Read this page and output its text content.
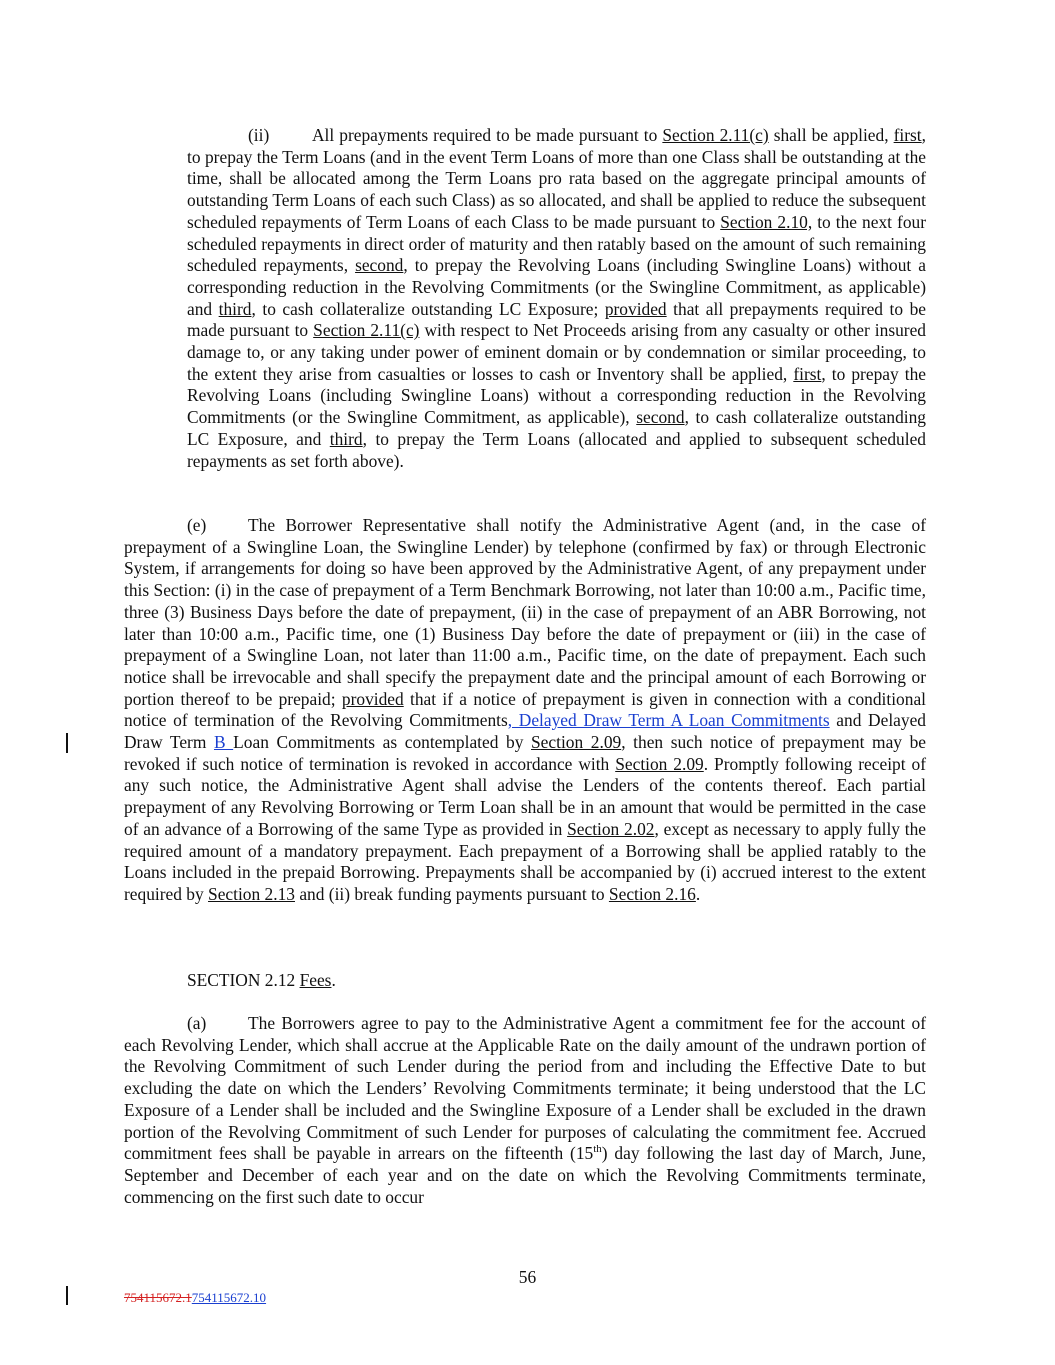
(ii) All prepayments required to be made pursuant to Section 2.11(c) shall be applied, first, to prepay the Term Loans (and in the event Term Loans of more than one Class shall be outstanding at the time, shall be allocated among the Term Loans pro rata based on the aggregate principal amounts of outstanding Term Loans of each such Class) as so allocated, and shall be applied to reduce the subsequent scheduled repayments of Term Loans of each Class to be made pursuant to Section 2.10, to the next four scheduled repayments in direct order of maturity and then ratably based on the amount of such remaining scheduled repayments, second, to prepay the Revolving Loans (including Swingline Loans) without a corresponding reduction in the Revolving Commitments (or the Swingline Commitment, as applicable) and third, to cash collateralize outstanding LC Exposure; provided that all prepayments required to be made pursuant to Section 2.11(c) with respect to Net Proceeds arising from any casualty or other insured damage to, or any taking under power of eminent domain or by condemnation or similar proceeding, to the extent they arise from casualties or losses to cash or Inventory shall be applied, first, to prepay the Revolving Loans (including Swingline Loans) without a corresponding reduction in the Revolving Commitments (or the Swingline Commitment, as applicable), second, to cash collateralize outstanding LC Exposure, and third, to prepay the Term Loans (allocated and applied to subsequent scheduled repayments as set forth above).
(e) The Borrower Representative shall notify the Administrative Agent (and, in the case of prepayment of a Swingline Loan, the Swingline Lender) by telephone (confirmed by fax) or through Electronic System, if arrangements for doing so have been approved by the Administrative Agent, of any prepayment under this Section: (i) in the case of prepayment of a Term Benchmark Borrowing, not later than 10:00 a.m., Pacific time, three (3) Business Days before the date of prepayment, (ii) in the case of prepayment of an ABR Borrowing, not later than 10:00 a.m., Pacific time, one (1) Business Day before the date of prepayment or (iii) in the case of prepayment of a Swingline Loan, not later than 11:00 a.m., Pacific time, on the date of prepayment. Each such notice shall be irrevocable and shall specify the prepayment date and the principal amount of each Borrowing or portion thereof to be prepaid; provided that if a notice of prepayment is given in connection with a conditional notice of termination of the Revolving Commitments, Delayed Draw Term A Loan Commitments and Delayed Draw Term B Loan Commitments as contemplated by Section 2.09, then such notice of prepayment may be revoked if such notice of termination is revoked in accordance with Section 2.09. Promptly following receipt of any such notice, the Administrative Agent shall advise the Lenders of the contents thereof. Each partial prepayment of any Revolving Borrowing or Term Loan shall be in an amount that would be permitted in the case of an advance of a Borrowing of the same Type as provided in Section 2.02, except as necessary to apply fully the required amount of a mandatory prepayment. Each prepayment of a Borrowing shall be applied ratably to the Loans included in the prepaid Borrowing. Prepayments shall be accompanied by (i) accrued interest to the extent required by Section 2.13 and (ii) break funding payments pursuant to Section 2.16.
SECTION 2.12 Fees.
(a) The Borrowers agree to pay to the Administrative Agent a commitment fee for the account of each Revolving Lender, which shall accrue at the Applicable Rate on the daily amount of the undrawn portion of the Revolving Commitment of such Lender during the period from and including the Effective Date to but excluding the date on which the Lenders’ Revolving Commitments terminate; it being understood that the LC Exposure of a Lender shall be included and the Swingline Exposure of a Lender shall be excluded in the drawn portion of the Revolving Commitment of such Lender for purposes of calculating the commitment fee. Accrued commitment fees shall be payable in arrears on the fifteenth (15th) day following the last day of March, June, September and December of each year and on the date on which the Revolving Commitments terminate, commencing on the first such date to occur
56
754115672.1754115672.10
